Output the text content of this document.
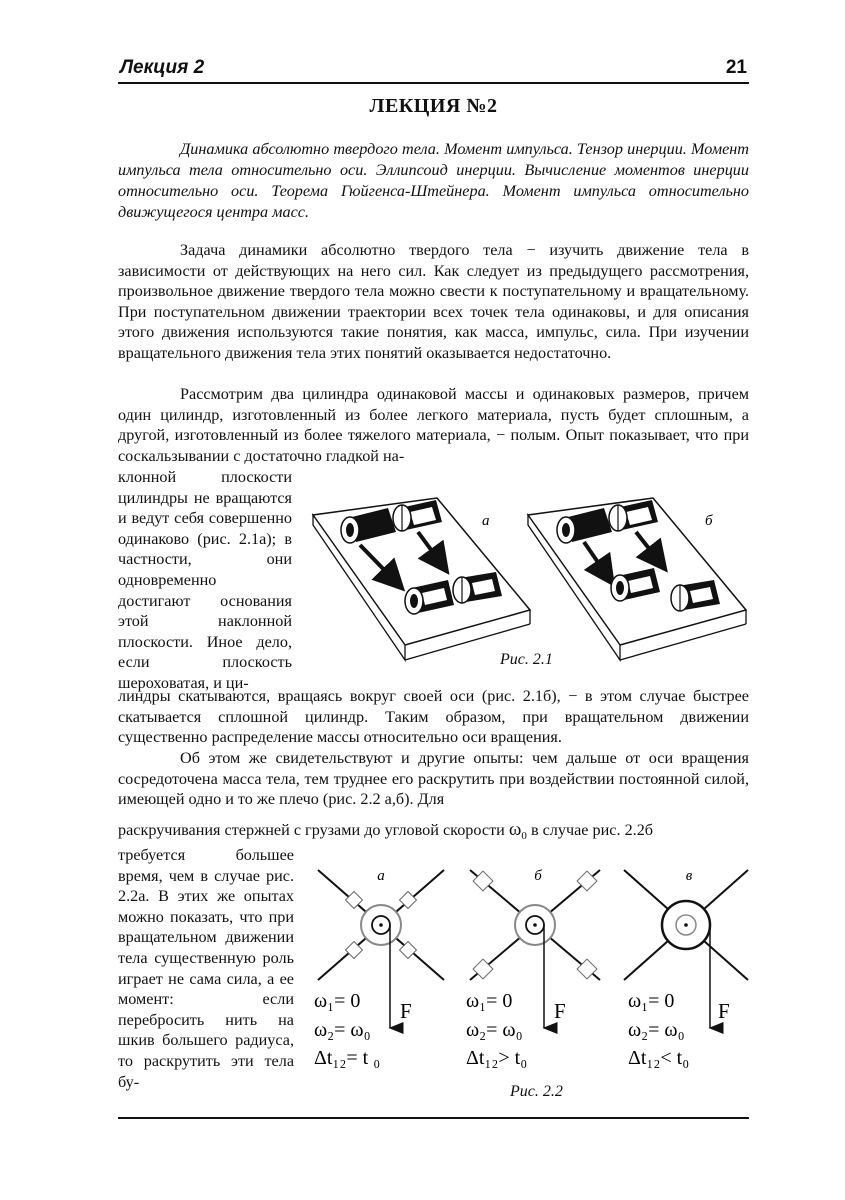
Лекция 2	21
ЛЕКЦИЯ №2
Динамика абсолютно твердого тела. Момент импульса. Тензор инерции. Момент импульса тела относительно оси. Эллипсоид инерции. Вычисление моментов инерции относительно оси. Теорема Гюйгенса-Штейнера. Момент импульса относительно движущегося центра масс.
Задача динамики абсолютно твердого тела − изучить движение тела в зависимости от действующих на него сил. Как следует из предыдущего рассмотрения, произвольное движение твердого тела можно свести к поступательному и вращательному. При поступательном движении траектории всех точек тела одинаковы, и для описания этого движения используются такие понятия, как масса, импульс, сила. При изучении вращательного движения тела этих понятий оказывается недостаточно.
Рассмотрим два цилиндра одинаковой массы и одинаковых размеров, причем один цилиндр, изготовленный из более легкого материала, пусть будет сплошным, а другой, изготовленный из более тяжелого материала, − полым. Опыт показывает, что при соскальзывании с достаточно гладкой на-
клонной плоскости цилиндры не вращаются и ведут себя совершенно одинаково (рис. 2.1а); в частности, они одновременно достигают основания этой наклонной плоскости. Иное дело, если плоскость шероховатая, и ци-
линдры скатываются, вращаясь вокруг своей оси (рис. 2.1б), − в этом случае быстрее скатывается сплошной цилиндр. Таким образом, при вращательном движении существенно распределение массы относительно оси вращения.
Об этом же свидетельствуют и другие опыты: чем дальше от оси вращения сосредоточена масса тела, тем труднее его раскрутить при воздействии постоянной силой, имеющей одно и то же плечо (рис. 2.2 а,б). Для
раскручивания стержней с грузами до угловой скорости $\omega_0$ в случае рис. 2.2б
требуется большее время, чем в случае рис. 2.2а. В этих же опытах можно показать, что при вращательном движении тела существенную роль играет не сама сила, а ее момент: если перебросить нить на шкив большего радиуса, то раскрутить эти тела бу-
а	б
Рис. 2.1
а
F
ω₁= 0
ω₂= ω₀
Δt₁₂= t ₀
б
F
ω₁= 0
ω₂= ω₀
Δt₁₂> t₀
в
F
ω₁= 0
ω₂= ω₀
Δt₁₂< t₀
Рис. 2.2
